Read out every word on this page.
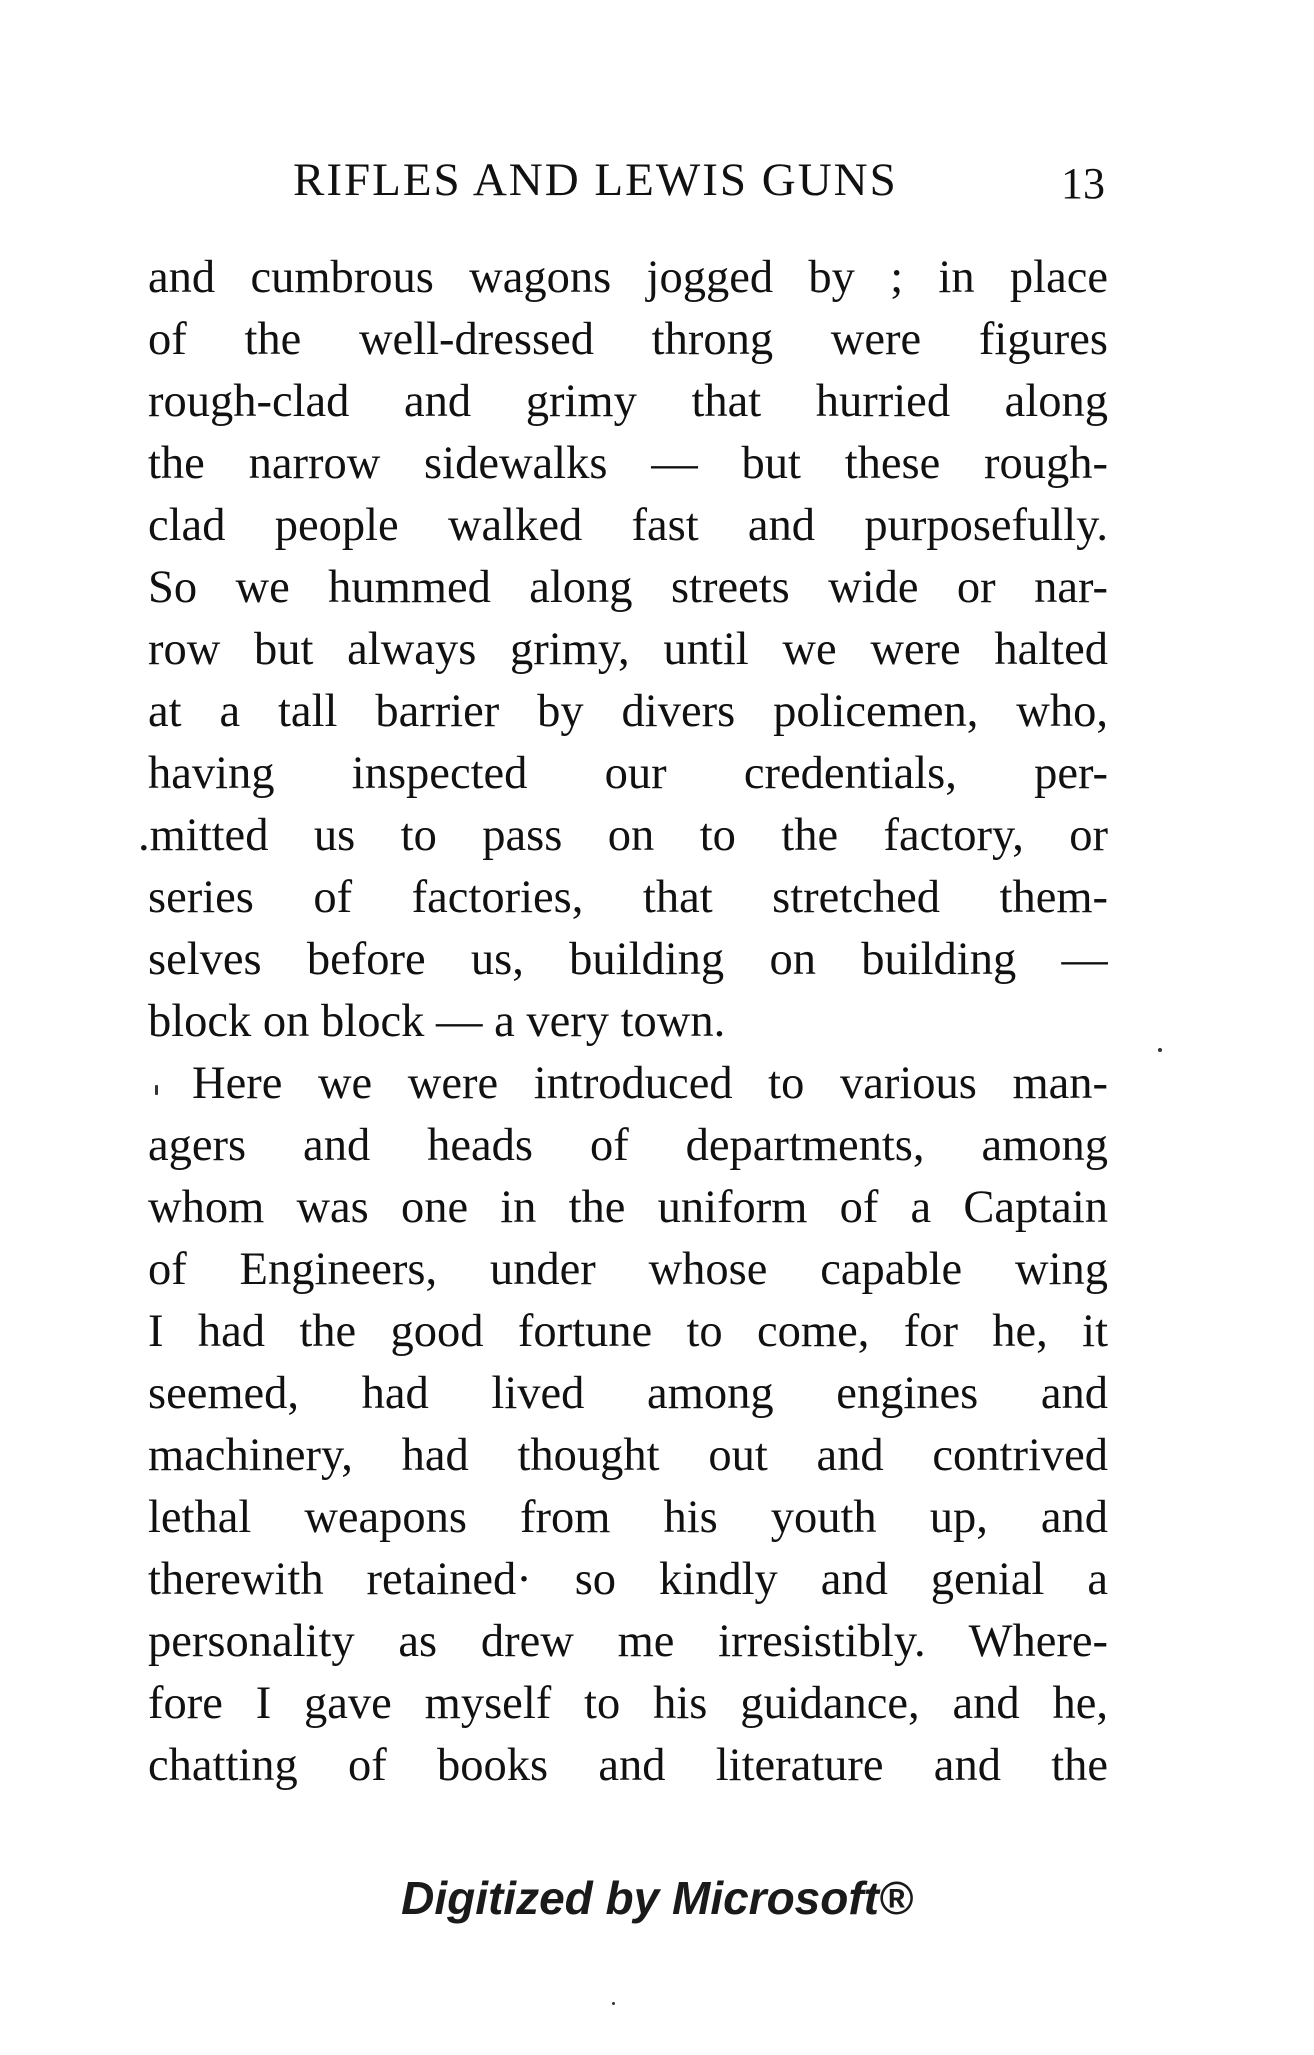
RIFLES AND LEWIS GUNS	13
and cumbrous wagons jogged by ; in place
of the well-dressed throng were figures
rough-clad and grimy that hurried along
the narrow sidewalks — but these rough-
clad people walked fast and purposefully.
So we hummed along streets wide or nar-
row but always grimy, until we were halted
at a tall barrier by divers policemen, who,
having inspected our credentials, per-
.mitted us to pass on to the factory, or
series of factories, that stretched them-
selves before us, building on building —
block on block — a very town.
Here we were introduced to various man-
agers and heads of departments, among
whom was one in the uniform of a Captain
of Engineers, under whose capable wing
I had the good fortune to come, for he, it
seemed, had lived among engines and
machinery, had thought out and contrived
lethal weapons from his youth up, and
therewith retained· so kindly and genial a
personality as drew me irresistibly. Where-
fore I gave myself to his guidance, and he,
chatting of books and literature and the
Digitized by Microsoft®
